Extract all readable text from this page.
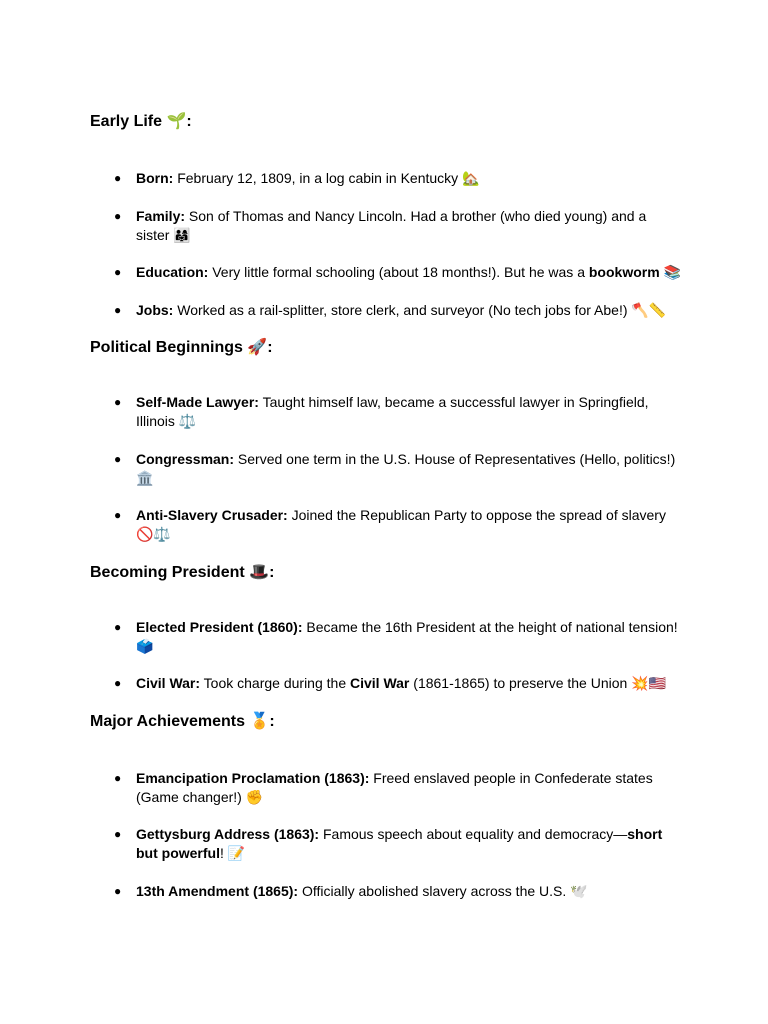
Early Life 🌱:
● Born: February 12, 1809, in a log cabin in Kentucky 🏡
● Family: Son of Thomas and Nancy Lincoln. Had a brother (who died young) and a sister 👨‍👩‍👧
● Education: Very little formal schooling (about 18 months!). But he was a bookworm 📚
● Jobs: Worked as a rail-splitter, store clerk, and surveyor (No tech jobs for Abe!) 🪓📏
Political Beginnings 🚀:
● Self-Made Lawyer: Taught himself law, became a successful lawyer in Springfield, Illinois ⚖️
● Congressman: Served one term in the U.S. House of Representatives (Hello, politics!) 🏛️
● Anti-Slavery Crusader: Joined the Republican Party to oppose the spread of slavery 🚫⚖️
Becoming President 🎩:
● Elected President (1860): Became the 16th President at the height of national tension! 🗳️
● Civil War: Took charge during the Civil War (1861-1865) to preserve the Union 💥🇺🇸
Major Achievements 🏅:
● Emancipation Proclamation (1863): Freed enslaved people in Confederate states (Game changer!) ✊
● Gettysburg Address (1863): Famous speech about equality and democracy—short but powerful! 📝
● 13th Amendment (1865): Officially abolished slavery across the U.S. 🕊️
